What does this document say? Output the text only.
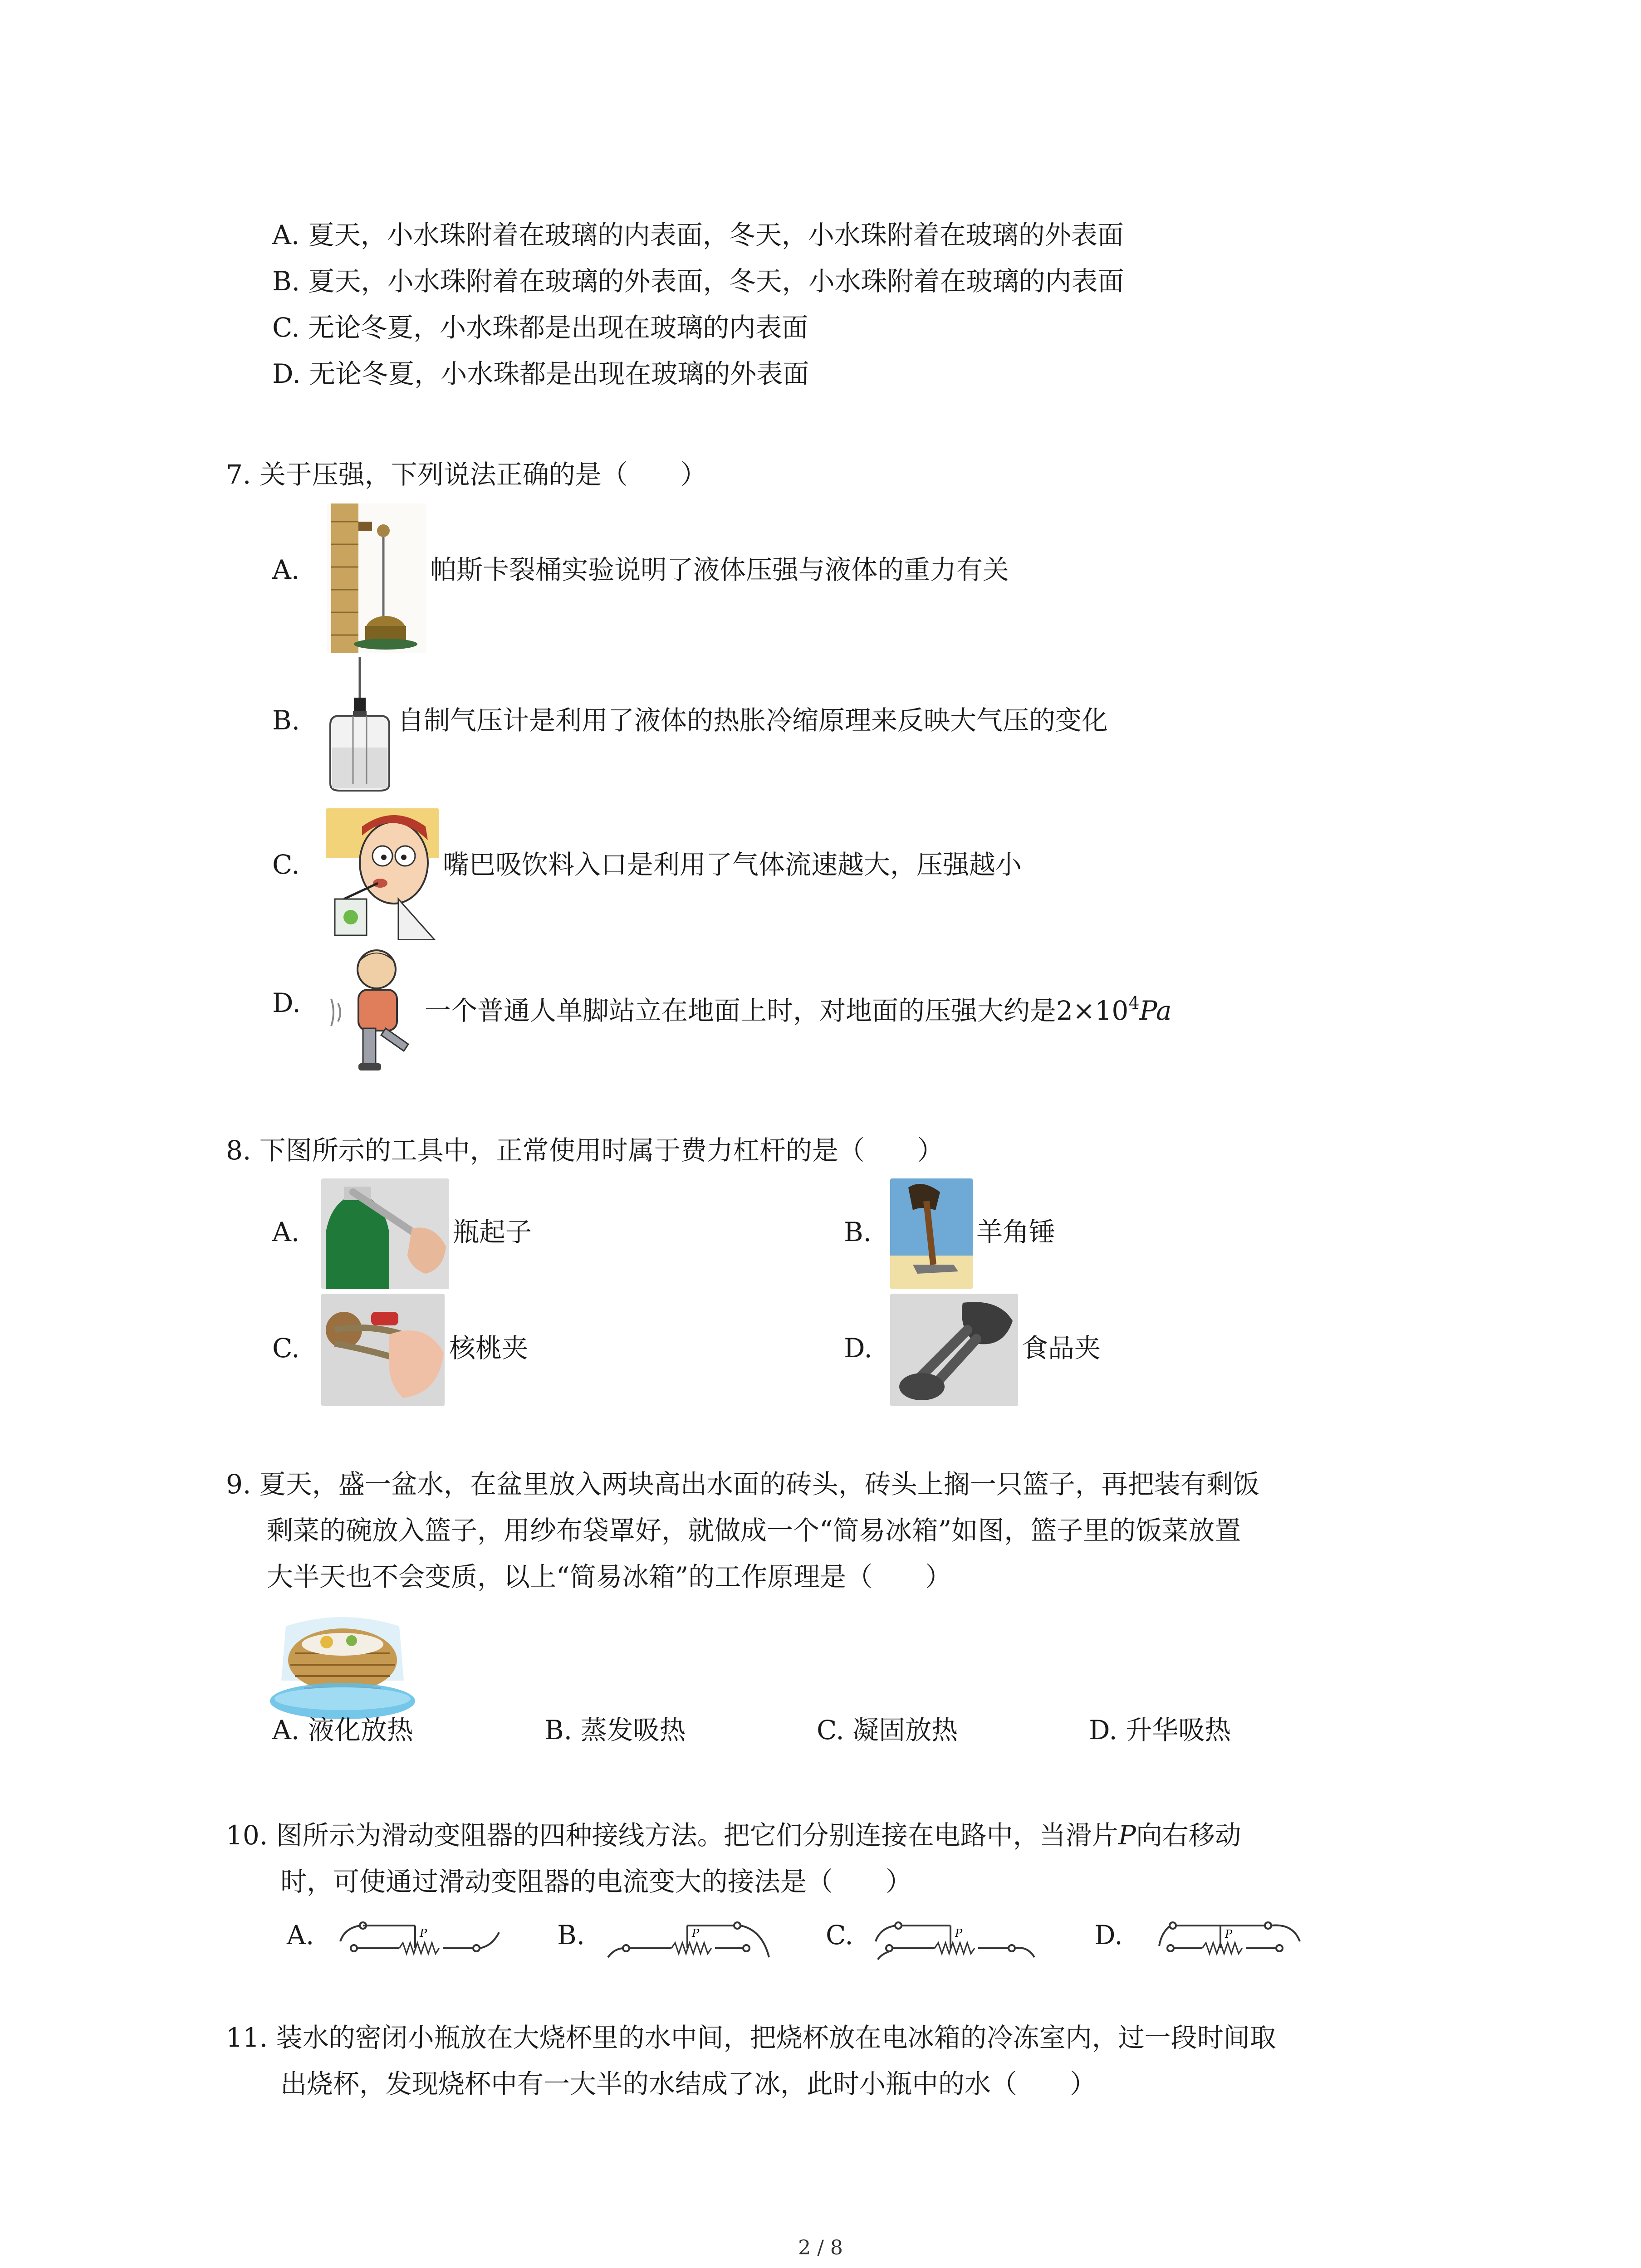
A. 夏天，小水珠附着在玻璃的内表面，冬天，小水珠附着在玻璃的外表面
B. 夏天，小水珠附着在玻璃的外表面，冬天，小水珠附着在玻璃的内表面
C. 无论冬夏，小水珠都是出现在玻璃的内表面
D. 无论冬夏，小水珠都是出现在玻璃的外表面
7. 关于压强，下列说法正确的是（　　）
A.	帕斯卡裂桶实验说明了液体压强与液体的重力有关
B.	自制气压计是利用了液体的热胀冷缩原理来反映大气压的变化
C.	嘴巴吸饮料入口是利用了气体流速越大，压强越小
D.	一个普通人单脚站立在地面上时，对地面的压强大约是$2\times 10^4Pa$
8. 下图所示的工具中，正常使用时属于费力杠杆的是（　　）
A.	瓶起子	B.	羊角锤
C.	核桃夹	D.	食品夹
9. 夏天，盛一盆水，在盆里放入两块高出水面的砖头，砖头上搁一只篮子，再把装有剩饭
剩菜的碗放入篮子，用纱布袋罩好，就做成一个“简易冰箱”如图，篮子里的饭菜放置
大半天也不会变质，以上“简易冰箱”的工作原理是（　　）
A. 液化放热	B. 蒸发吸热	C. 凝固放热	D. 升华吸热
10. 图所示为滑动变阻器的四种接线方法。把它们分别连接在电路中，当滑片P向右移动
时，可使通过滑动变阻器的电流变大的接法是（　　）
A.	P	B.	P	C.	P	D.	P
11. 装水的密闭小瓶放在大烧杯里的水中间，把烧杯放在电冰箱的冷冻室内，过一段时间取
出烧杯，发现烧杯中有一大半的水结成了冰，此时小瓶中的水（　　）
2 / 8
